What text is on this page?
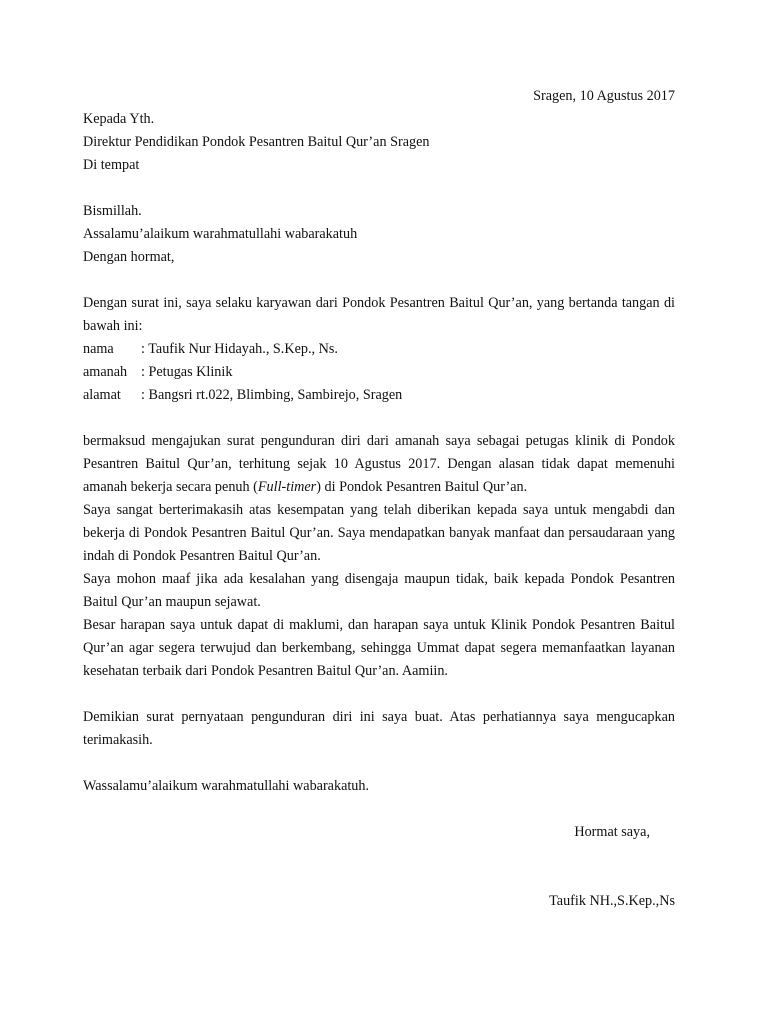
Sragen, 10 Agustus 2017
Kepada Yth.
Direktur Pendidikan Pondok Pesantren Baitul Qur’an Sragen
Di tempat
Bismillah.
Assalamu’alaikum warahmatullahi wabarakatuh
Dengan hormat,
Dengan surat ini, saya selaku karyawan dari Pondok Pesantren Baitul Qur’an, yang bertanda tangan di
bawah ini:
nama : Taufik Nur Hidayah., S.Kep., Ns.
amanah : Petugas Klinik
alamat : Bangsri rt.022, Blimbing, Sambirejo, Sragen
bermaksud mengajukan surat pengunduran diri dari amanah saya sebagai petugas klinik di Pondok
Pesantren Baitul Qur’an, terhitung sejak 10 Agustus 2017. Dengan alasan tidak dapat memenuhi
amanah bekerja secara penuh (Full-timer) di Pondok Pesantren Baitul Qur’an.
Saya sangat berterimakasih atas kesempatan yang telah diberikan kepada saya untuk mengabdi dan
bekerja di Pondok Pesantren Baitul Qur’an. Saya mendapatkan banyak manfaat dan persaudaraan yang
indah di Pondok Pesantren Baitul Qur’an.
Saya mohon maaf jika ada kesalahan yang disengaja maupun tidak, baik kepada Pondok Pesantren
Baitul Qur’an maupun sejawat.
Besar harapan saya untuk dapat di maklumi, dan harapan saya untuk Klinik Pondok Pesantren Baitul
Qur’an agar segera terwujud dan berkembang, sehingga Ummat dapat segera memanfaatkan layanan
kesehatan terbaik dari Pondok Pesantren Baitul Qur’an. Aamiin.
Demikian surat pernyataan pengunduran diri ini saya buat. Atas perhatiannya saya mengucapkan
terimakasih.
Wassalamu’alaikum warahmatullahi wabarakatuh.
Hormat saya,
Taufik NH.,S.Kep.,Ns
